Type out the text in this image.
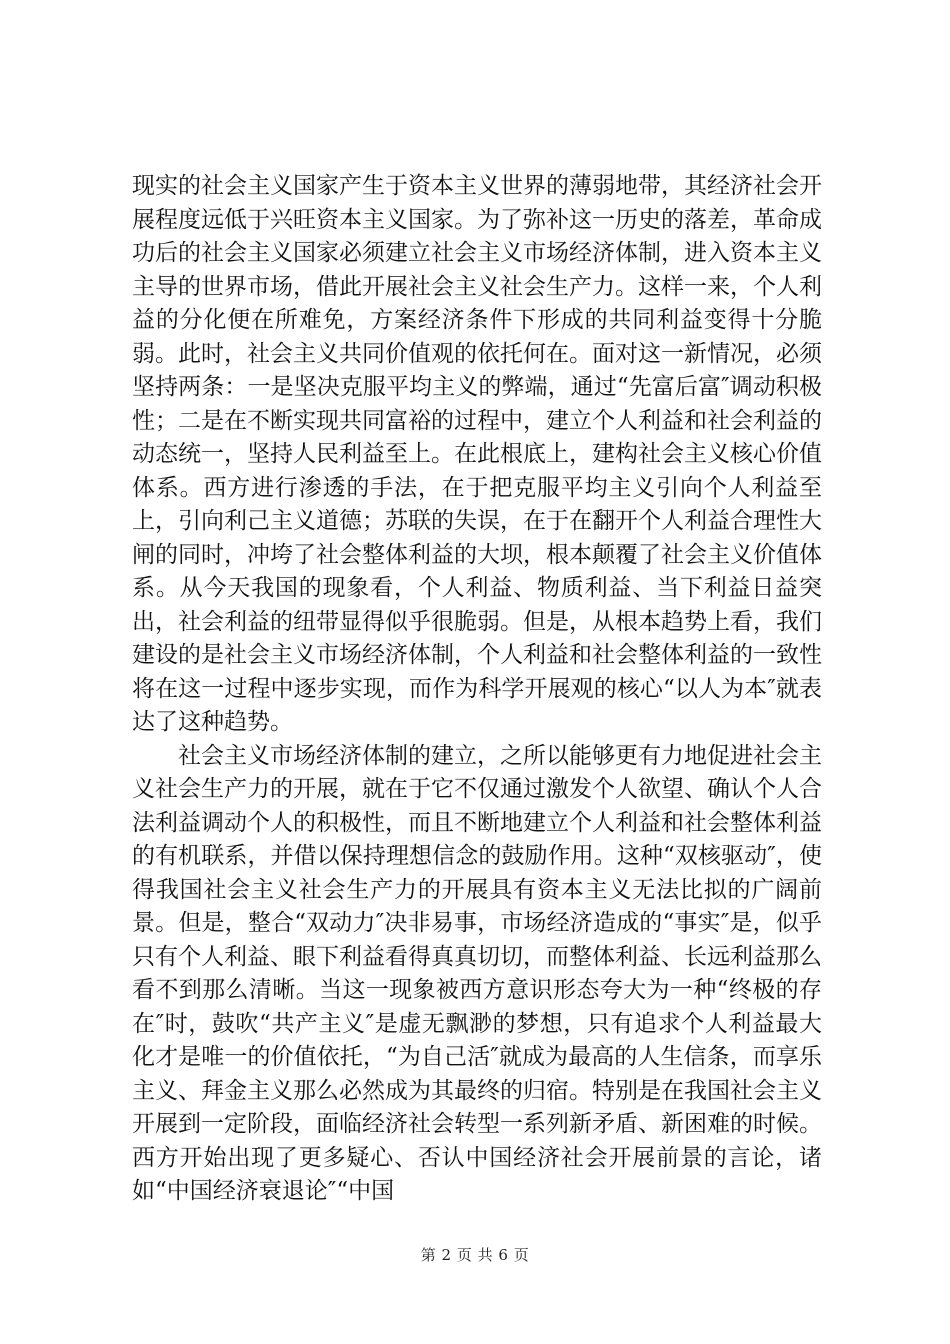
现实的社会主义国家产生于资本主义世界的薄弱地带，其经济社会开展程度远低于兴旺资本主义国家。为了弥补这一历史的落差，革命成功后的社会主义国家必须建立社会主义市场经济体制，进入资本主义主导的世界市场，借此开展社会主义社会生产力。这样一来，个人利益的分化便在所难免，方案经济条件下形成的共同利益变得十分脆弱。此时，社会主义共同价值观的依托何在。面对这一新情况，必须坚持两条：一是坚决克服平均主义的弊端，通过“先富后富″调动积极性；二是在不断实现共同富裕的过程中，建立个人利益和社会利益的动态统一，坚持人民利益至上。在此根底上，建构社会主义核心价值体系。西方进行渗透的手法，在于把克服平均主义引向个人利益至上，引向利己主义道德；苏联的失误，在于在翻开个人利益合理性大闸的同时，冲垮了社会整体利益的大坝，根本颠覆了社会主义价值体系。从今天我国的现象看，个人利益、物质利益、当下利益日益突出，社会利益的纽带显得似乎很脆弱。但是，从根本趋势上看，我们建设的是社会主义市场经济体制，个人利益和社会整体利益的一致性将在这一过程中逐步实现，而作为科学开展观的核心“以人为本″就表达了这种趋势。

社会主义市场经济体制的建立，之所以能够更有力地促进社会主义社会生产力的开展，就在于它不仅通过激发个人欲望、确认个人合法利益调动个人的积极性，而且不断地建立个人利益和社会整体利益的有机联系，并借以保持理想信念的鼓励作用。这种“双核驱动″，使得我国社会主义社会生产力的开展具有资本主义无法比拟的广阔前景。但是，整合“双动力″决非易事，市场经济造成的“事实″是，似乎只有个人利益、眼下利益看得真真切切，而整体利益、长远利益那么看不到那么清晰。当这一现象被西方意识形态夸大为一种“终极的存在″时，鼓吹“共产主义″是虚无飘渺的梦想，只有追求个人利益最大化才是唯一的价值依托，“为自己活″就成为最高的人生信条，而享乐主义、拜金主义那么必然成为其最终的归宿。特别是在我国社会主义开展到一定阶段，面临经济社会转型一系列新矛盾、新困难的时候。西方开始出现了更多疑心、否认中国经济社会开展前景的言论，诸如“中国经济衰退论″“中国

第 2 页 共 6 页
